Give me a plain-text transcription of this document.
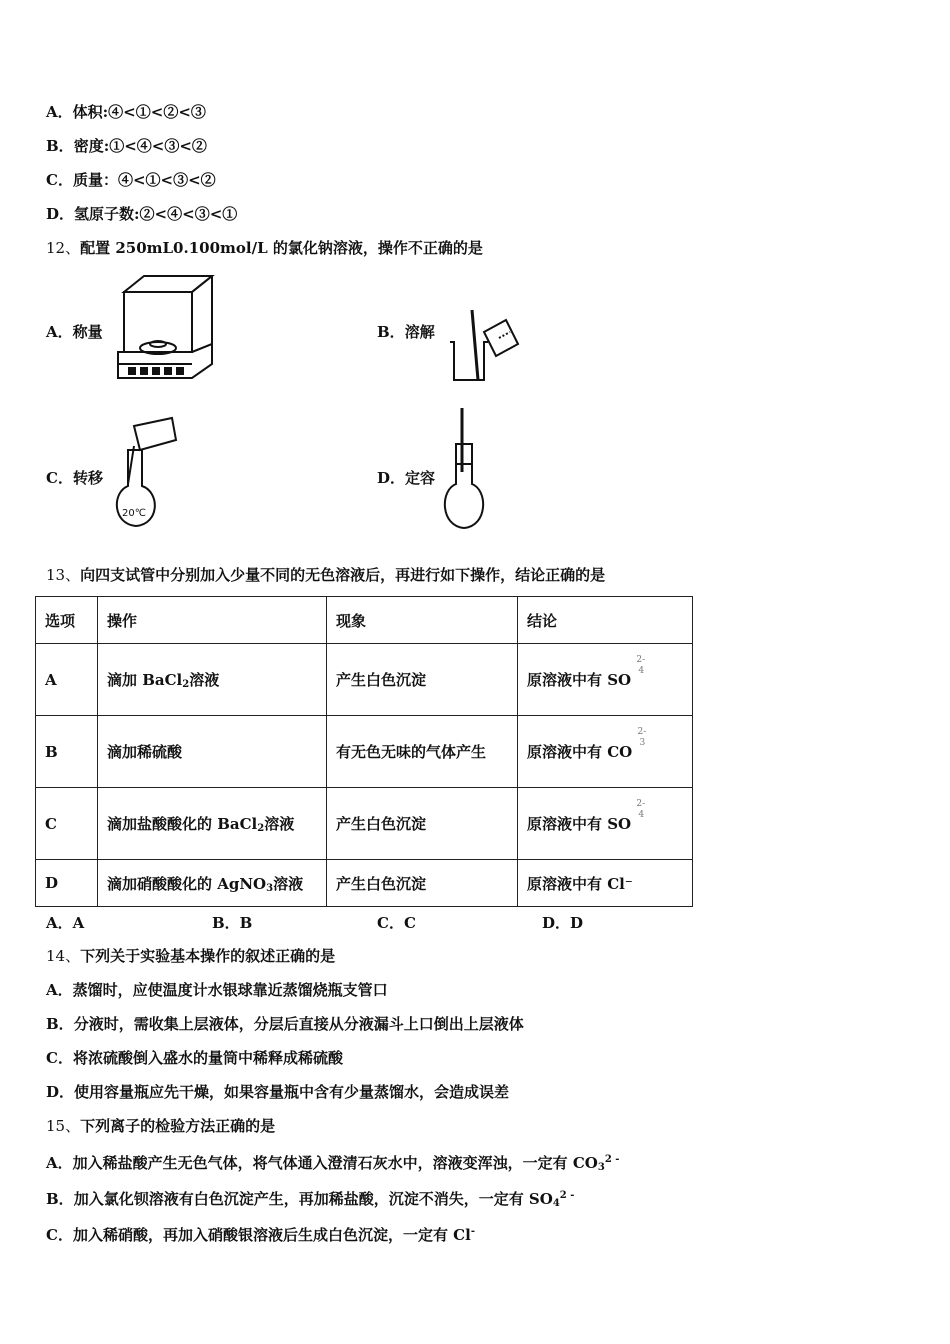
A．体积:④<①<②<③
B．密度:①<④<③<②
C．质量：④<①<③<②
D．氢原子数:②<④<③<①
12、配置 250mL0.100mol/L 的氯化钠溶液，操作不正确的是
A．称量	B．溶解
C．转移
20℃
D．定容
13、向四支试管中分别加入少量不同的无色溶液后，再进行如下操作，结论正确的是
选项	操作	现象	结论
A	滴加 BaCl$_2$溶液	产生白色沉淀	原溶液中有 SO
2-
4

B	滴加稀硫酸	有无色无味的气体产生	原溶液中有 CO
2-
3

C	滴加盐酸酸化的 BaCl$_2$溶液	产生白色沉淀	原溶液中有 SO
2-
4

D	滴加硝酸酸化的 AgNO$_3$溶液	产生白色沉淀	原溶液中有 Cl⁻
A．A	B．B	C．C	D．D
14、下列关于实验基本操作的叙述正确的是
A．蒸馏时，应使温度计水银球靠近蒸馏烧瓶支管口
B．分液时，需收集上层液体，分层后直接从分液漏斗上口倒出上层液体
C．将浓硫酸倒入盛水的量筒中稀释成稀硫酸
D．使用容量瓶应先干燥，如果容量瓶中含有少量蒸馏水，会造成误差
15、下列离子的检验方法正确的是
A．加入稀盐酸产生无色气体，将气体通入澄清石灰水中，溶液变浑浊，一定有 $CO_3^{2 -}$
B．加入氯化钡溶液有白色沉淀产生，再加稀盐酸，沉淀不消失，一定有 $SO_4^{2 -}$
C．加入稀硝酸，再加入硝酸银溶液后生成白色沉淀，一定有 Cl-
